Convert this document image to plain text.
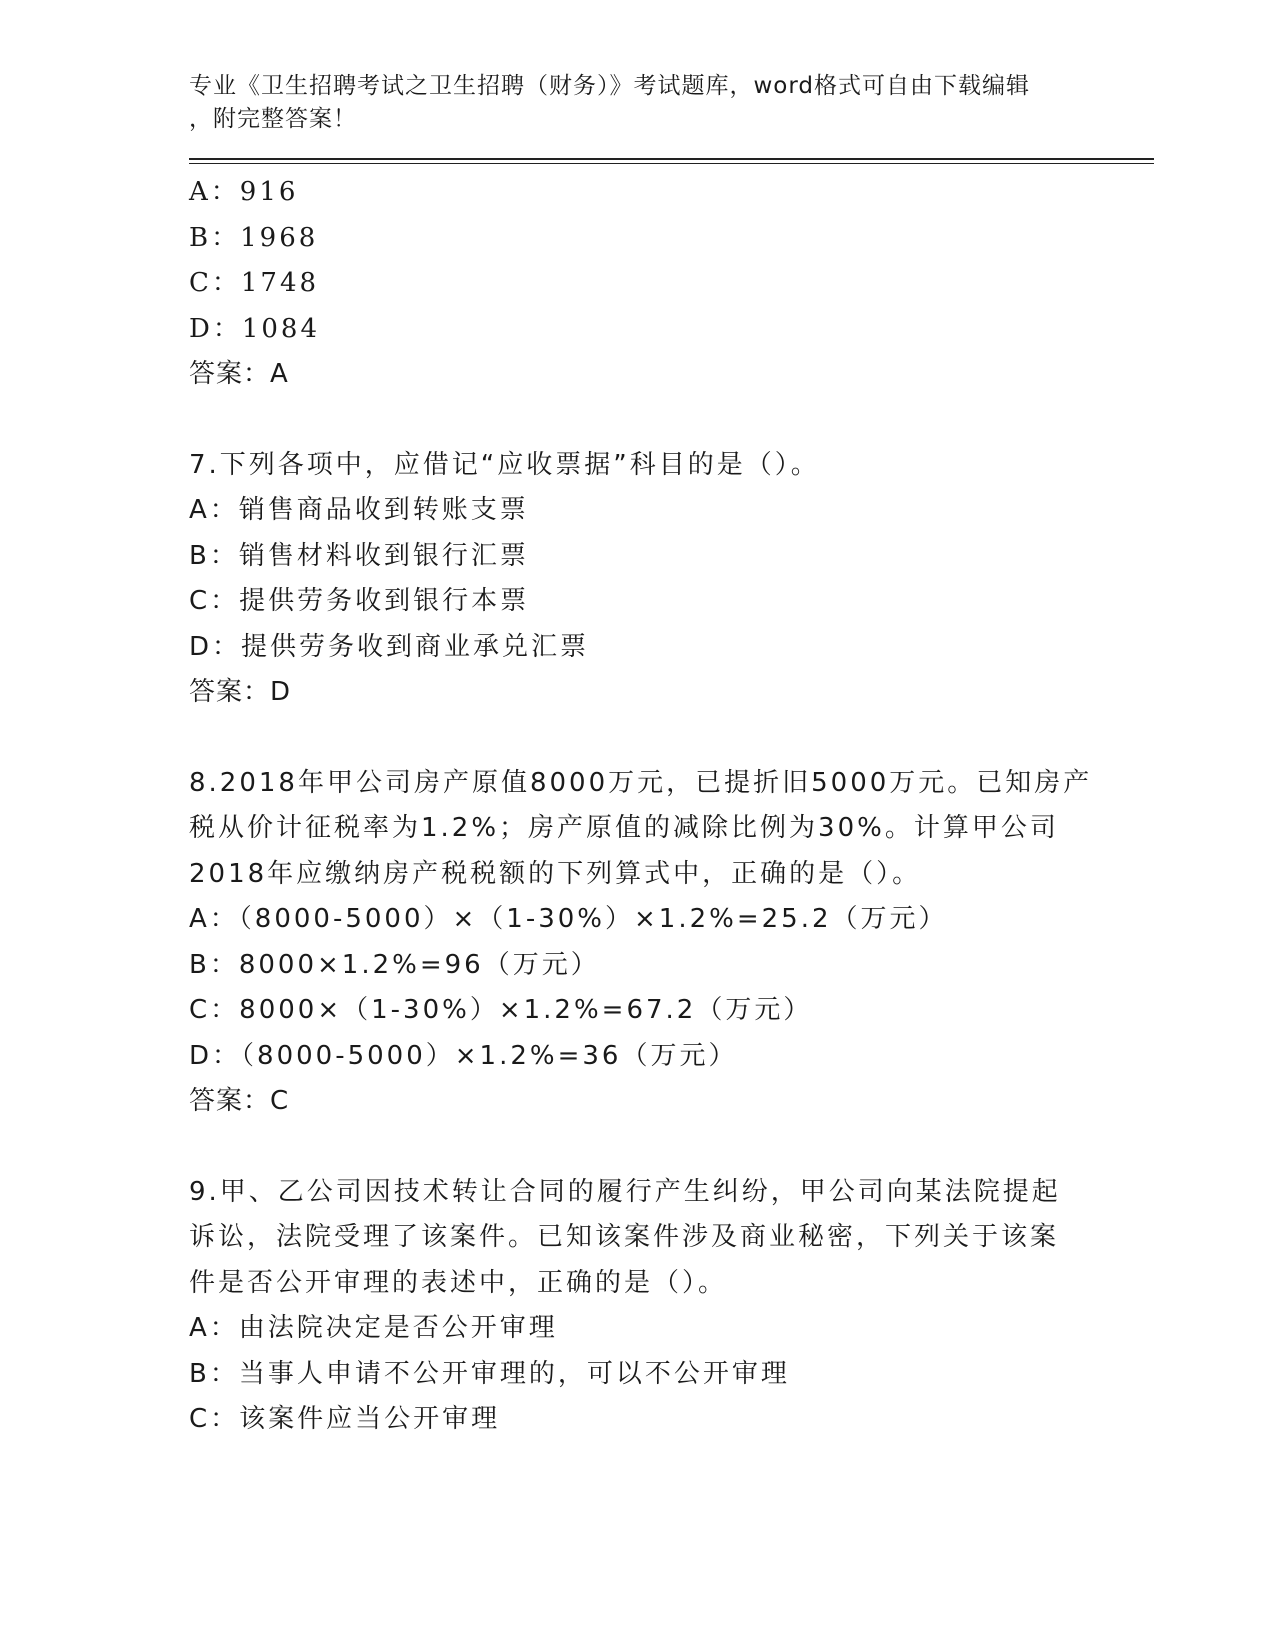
专业《卫生招聘考试之卫生招聘（财务）》考试题库，word格式可自由下载编辑
，附完整答案！
A：916
B：1968
C：1748
D：1084
答案：A
7.下列各项中，应借记“应收票据”科目的是（）。
A：销售商品收到转账支票
B：销售材料收到银行汇票
C：提供劳务收到银行本票
D：提供劳务收到商业承兑汇票
答案：D
8.2018年甲公司房产原值8000万元，已提折旧5000万元。已知房产
税从价计征税率为1.2%；房产原值的减除比例为30%。计算甲公司
2018年应缴纳房产税税额的下列算式中，正确的是（）。
A：（8000-5000）×（1-30%）×1.2%=25.2（万元）
B：8000×1.2%=96（万元）
C：8000×（1-30%）×1.2%=67.2（万元）
D：（8000-5000）×1.2%=36（万元）
答案：C
9.甲、乙公司因技术转让合同的履行产生纠纷，甲公司向某法院提起
诉讼，法院受理了该案件。已知该案件涉及商业秘密，下列关于该案
件是否公开审理的表述中，正确的是（）。
A：由法院决定是否公开审理
B：当事人申请不公开审理的，可以不公开审理
C：该案件应当公开审理
